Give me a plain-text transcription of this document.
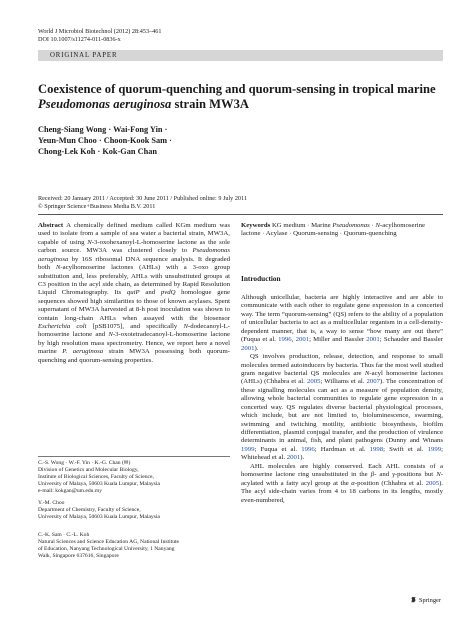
World J Microbiol Biotechnol (2012) 28:453–461
DOI 10.1007/s11274-011-0836-x
ORIGINAL PAPER
Coexistence of quorum-quenching and quorum-sensing in tropical marine Pseudomonas aeruginosa strain MW3A
Cheng-Siang Wong · Wai-Fong Yin ·
Yeun-Mun Choo · Choon-Kook Sam ·
Chong-Lek Koh · Kok-Gan Chan
Received: 20 January 2011 / Accepted: 30 June 2011 / Published online: 9 July 2011
© Springer Science+Business Media B.V. 2011

Abstract A chemically defined medium called KGm medium was used to isolate from a sample of sea water a bacterial strain, MW3A, capable of using N-3-oxohexanoyl-L-homoserine lactone as the sole carbon source. MW3A was clustered closely to Pseudomonas aeruginosa by 16S ribosomal DNA sequence analysis. It degraded both N-acylhomoserine lactones (AHLs) with a 3-oxo group substitution and, less preferably, AHLs with unsubstituted groups at C3 position in the acyl side chain, as determined by Rapid Resolution Liquid Chromatography. Its quiP and pvdQ homologue gene sequences showed high similarities to those of known acylases. Spent supernatant of MW3A harvested at 8-h post inoculation was shown to contain long-chain AHLs when assayed with the biosensor Escherichia coli [pSB1075], and specifically N-dodecanoyl-L-homoserine lactone and N-3-oxotetradecanoyl-L-homoserine lactone by high resolution mass spectrometry. Hence, we report here a novel marine P. aeruginosa strain MW3A possessing both quorum-quenching and quorum-sensing properties.

C.-S. Wong · W.-F. Yin · K.-G. Chan (✉)
Division of Genetics and Molecular Biology,
Institute of Biological Sciences, Faculty of Science,
University of Malaya, 50603 Kuala Lumpur, Malaysia
e-mail: kokgan@um.edu.my
Y.-M. Choo
Department of Chemistry, Faculty of Science,
University of Malaya, 50603 Kuala Lumpur, Malaysia
C.-K. Sam · C.-L. Koh
Natural Sciences and Science Education AG, National Institute
of Education, Nanyang Technological University, 1 Nanyang
Walk, Singapore 637616, Singapore

Keywords KG medium · Marine Pseudomonas · N-acylhomoserine lactone · Acylase · Quorum-sensing · Quorum-quenching

Introduction

Although unicellular, bacteria are highly interactive and are able to communicate with each other to regulate gene expression in a concerted way. The term “quorum-sensing” (QS) refers to the ability of a population of unicellular bacteria to act as a multicellular organism in a cell-density-dependent manner, that is, a way to sense “how many are out there” (Fuqua et al. 1996, 2001; Miller and Bassler 2001; Schauder and Bassler 2001).

QS involves production, release, detection, and response to small molecules termed autoinducers by bacteria. Thus far the most well studied gram negative bacterial QS molecules are N-acyl homoserine lactones (AHLs) (Chhabra et al. 2005; Williams et al. 2007). The concentration of these signalling molecules can act as a measure of population density, allowing whole bacterial communities to regulate gene expression in a concerted way. QS regulates diverse bacterial physiological processes, which include, but are not limited to, bioluminescence, swarming, swimming and twitching motility, antibiotic biosynthesis, biofilm differentiation, plasmid conjugal transfer, and the production of virulence determinants in animal, fish, and plant pathogens (Dunny and Winans 1999; Fuqua et al. 1996; Hardman et al. 1998; Swift et al. 1999; Whitehead et al. 2001).

AHL molecules are highly conserved. Each AHL consists of a homoserine lactone ring unsubstituted in the β- and γ-positions but N-acylated with a fatty acyl group at the α-position (Chhabra et al. 2005). The acyl side-chain varies from 4 to 18 carbons in its lengths, mostly even-numbered,

Springer
